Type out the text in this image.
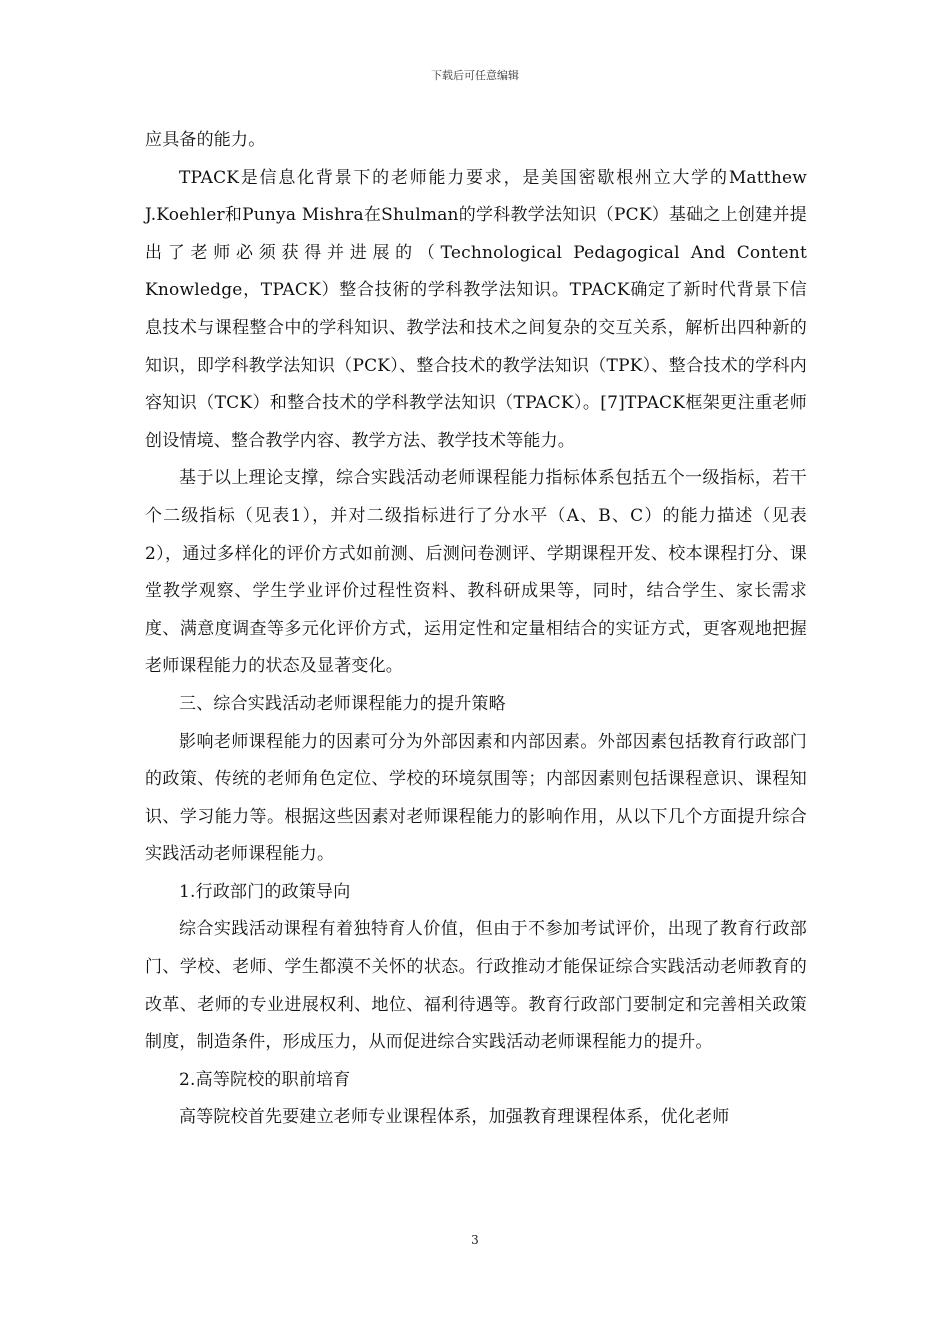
下载后可任意编辑

应具备的能力。

TPACK是信息化背景下的老师能力要求，是美国密歇根州立大学的Matthew J.Koehler和Punya Mishra在Shulman的学科教学法知识（PCK）基础之上创建并提出了老师必须获得并进展的（Technological Pedagogical And Content Knowledge，TPACK）整合技術的学科教学法知识。TPACK确定了新时代背景下信息技术与课程整合中的学科知识、教学法和技术之间复杂的交互关系，解析出四种新的知识，即学科教学法知识（PCK）、整合技术的教学法知识（TPK）、整合技术的学科内容知识（TCK）和整合技术的学科教学法知识（TPACK）。[7]TPACK框架更注重老师创设情境、整合教学内容、教学方法、教学技术等能力。

基于以上理论支撑，综合实践活动老师课程能力指标体系包括五个一级指标，若干个二级指标（见表1），并对二级指标进行了分水平（A、B、C）的能力描述（见表2），通过多样化的评价方式如前测、后测问卷测评、学期课程开发、校本课程打分、课堂教学观察、学生学业评价过程性资料、教科研成果等，同时，结合学生、家长需求度、满意度调查等多元化评价方式，运用定性和定量相结合的实证方式，更客观地把握老师课程能力的状态及显著变化。

三、综合实践活动老师课程能力的提升策略

影响老师课程能力的因素可分为外部因素和内部因素。外部因素包括教育行政部门的政策、传统的老师角色定位、学校的环境氛围等；内部因素则包括课程意识、课程知识、学习能力等。根据这些因素对老师课程能力的影响作用，从以下几个方面提升综合实践活动老师课程能力。

1.行政部门的政策导向

综合实践活动课程有着独特育人价值，但由于不参加考试评价，出现了教育行政部门、学校、老师、学生都漠不关怀的状态。行政推动才能保证综合实践活动老师教育的改革、老师的专业进展权利、地位、福利待遇等。教育行政部门要制定和完善相关政策制度，制造条件，形成压力，从而促进综合实践活动老师课程能力的提升。

2.高等院校的职前培育

高等院校首先要建立老师专业课程体系，加强教育理课程体系，优化老师

3
